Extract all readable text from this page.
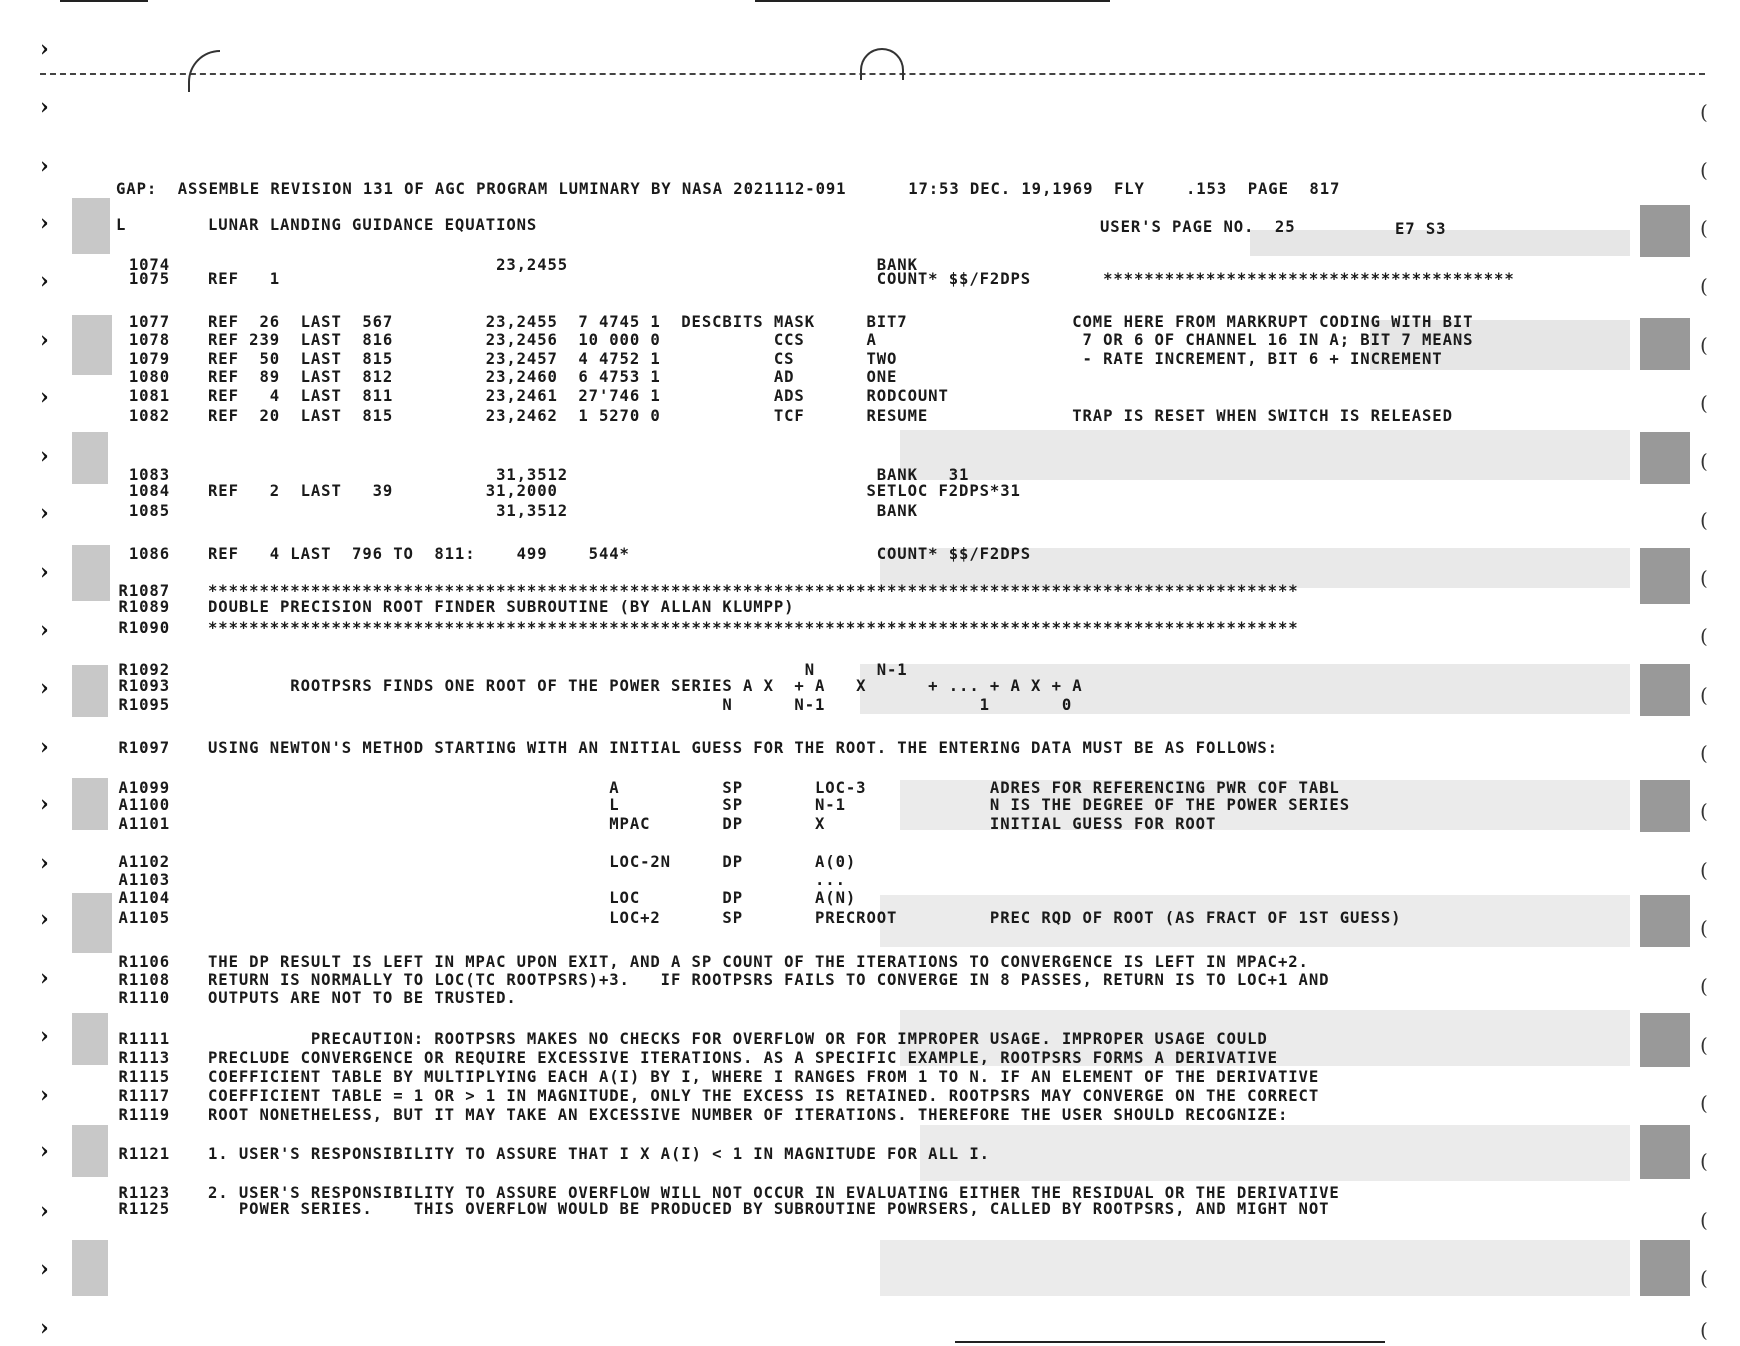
›
›
›
›
›
›
›
›
›
›
›
›
›
›
›
›
›
›
›
›
›
›
›
(
(
(
(
(
(
(
(
(
(
(
(
(
(
(
(
(
(
(
(
(
(
GAP:  ASSEMBLE REVISION 131 OF AGC PROGRAM LUMINARY BY NASA 2021112-091      17:53 DEC. 19,1969  FLY    .153  PAGE  817
L	LUNAR LANDING GUIDANCE EQUATIONS	USER'S PAGE NO.  25	E7 S3
1074 23,2455                              BANK
1075 REF   1                                                          COUNT* $$/F2DPS       ****************************************
1077 REF  26  LAST  567         23,2455  7 4745 1  DESCBITS MASK     BIT7                COME HERE FROM MARKRUPT CODING WITH BIT
1078 REF 239  LAST  816         23,2456  10 000 0           CCS      A                    7 OR 6 OF CHANNEL 16 IN A; BIT 7 MEANS
1079 REF  50  LAST  815         23,2457  4 4752 1           CS       TWO                  - RATE INCREMENT, BIT 6 + INCREMENT
1080 REF  89  LAST  812         23,2460  6 4753 1           AD       ONE
1081 REF   4  LAST  811         23,2461  27'746 1           ADS      RODCOUNT
1082 REF  20  LAST  815         23,2462  1 5270 0           TCF      RESUME              TRAP IS RESET WHEN SWITCH IS RELEASED
1083 31,3512                              BANK   31
1084 REF   2  LAST   39         31,2000                              SETLOC F2DPS*31
1085 31,3512                              BANK
1086 REF   4 LAST  796 TO  811:    499    544*                        COUNT* $$/F2DPS
R1087 **********************************************************************************************************
R1089 DOUBLE PRECISION ROOT FINDER SUBROUTINE (BY ALLAN KLUMPP)
R1090 **********************************************************************************************************
R1092 N      N-1
R1093 ROOTPSRS FINDS ONE ROOT OF THE POWER SERIES A X  + A   X      + ... + A X + A
R1095 N      N-1               1       0
R1097 USING NEWTON'S METHOD STARTING WITH AN INITIAL GUESS FOR THE ROOT. THE ENTERING DATA MUST BE AS FOLLOWS:
A1099 A          SP       LOC-3            ADRES FOR REFERENCING PWR COF TABL
A1100 L          SP       N-1              N IS THE DEGREE OF THE POWER SERIES
A1101 MPAC       DP       X                INITIAL GUESS FOR ROOT
A1102 LOC-2N     DP       A(0)
A1103 ...
A1104 LOC        DP       A(N)
A1105 LOC+2      SP       PRECROOT         PREC RQD OF ROOT (AS FRACT OF 1ST GUESS)
R1106 THE DP RESULT IS LEFT IN MPAC UPON EXIT, AND A SP COUNT OF THE ITERATIONS TO CONVERGENCE IS LEFT IN MPAC+2.
R1108 RETURN IS NORMALLY TO LOC(TC ROOTPSRS)+3.   IF ROOTPSRS FAILS TO CONVERGE IN 8 PASSES, RETURN IS TO LOC+1 AND
R1110 OUTPUTS ARE NOT TO BE TRUSTED.
R1111 PRECAUTION: ROOTPSRS MAKES NO CHECKS FOR OVERFLOW OR FOR IMPROPER USAGE. IMPROPER USAGE COULD
R1113 PRECLUDE CONVERGENCE OR REQUIRE EXCESSIVE ITERATIONS. AS A SPECIFIC EXAMPLE, ROOTPSRS FORMS A DERIVATIVE
R1115 COEFFICIENT TABLE BY MULTIPLYING EACH A(I) BY I, WHERE I RANGES FROM 1 TO N. IF AN ELEMENT OF THE DERIVATIVE
R1117 COEFFICIENT TABLE = 1 OR > 1 IN MAGNITUDE, ONLY THE EXCESS IS RETAINED. ROOTPSRS MAY CONVERGE ON THE CORRECT
R1119 ROOT NONETHELESS, BUT IT MAY TAKE AN EXCESSIVE NUMBER OF ITERATIONS. THEREFORE THE USER SHOULD RECOGNIZE:
R1121 1. USER'S RESPONSIBILITY TO ASSURE THAT I X A(I) < 1 IN MAGNITUDE FOR ALL I.
R1123 2. USER'S RESPONSIBILITY TO ASSURE OVERFLOW WILL NOT OCCUR IN EVALUATING EITHER THE RESIDUAL OR THE DERIVATIVE
R1125 POWER SERIES.    THIS OVERFLOW WOULD BE PRODUCED BY SUBROUTINE POWRSERS, CALLED BY ROOTPSRS, AND MIGHT NOT
